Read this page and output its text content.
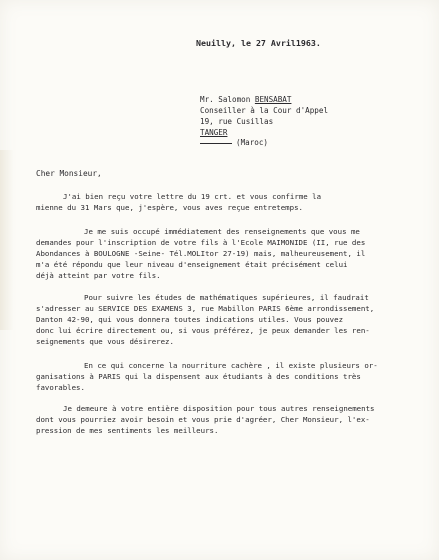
Neuilly, le 27 Avril1963.
Mr. Salomon BENSABAT
Conseiller à la Cour d'Appel
19, rue Cusillas
TANGER
(Maroc)
Cher Monsieur,
J'ai bien reçu votre lettre du 19 crt. et vous confirme la
mienne du 31 Mars que, j'espère, vous aves reçue entretemps.
Je me suis occupé immédiatement des renseignements que vous me
demandes pour l'inscription de votre fils à l'Ecole MAIMONIDE (II, rue des
Abondances à BOULOGNE -Seine- Tél.MOLItor 27-19) mais, malheureusement, il
m'a été répondu que leur niveau d'enseignement était précisément celui
déjà atteint par votre fils.
Pour suivre les études de mathématiques supérieures, il faudrait
s'adresser au SERVICE DES EXAMENS 3, rue Mabillon PARIS 6ème arrondissement,
Danton 42-90, qui vous donnera toutes indications utiles. Vous pouvez
donc lui écrire directement ou, si vous préférez, je peux demander les ren-
seignements que vous désirerez.
En ce qui concerne la nourriture cachère , il existe plusieurs or-
ganisations à PARIS qui la dispensent aux étudiants à des conditions très
favorables.
Je demeure à votre entière disposition pour tous autres renseignements
dont vous pourriez avoir besoin et vous prie d'agréer, Cher Monsieur, l'ex-
pression de mes sentiments les meilleurs.
